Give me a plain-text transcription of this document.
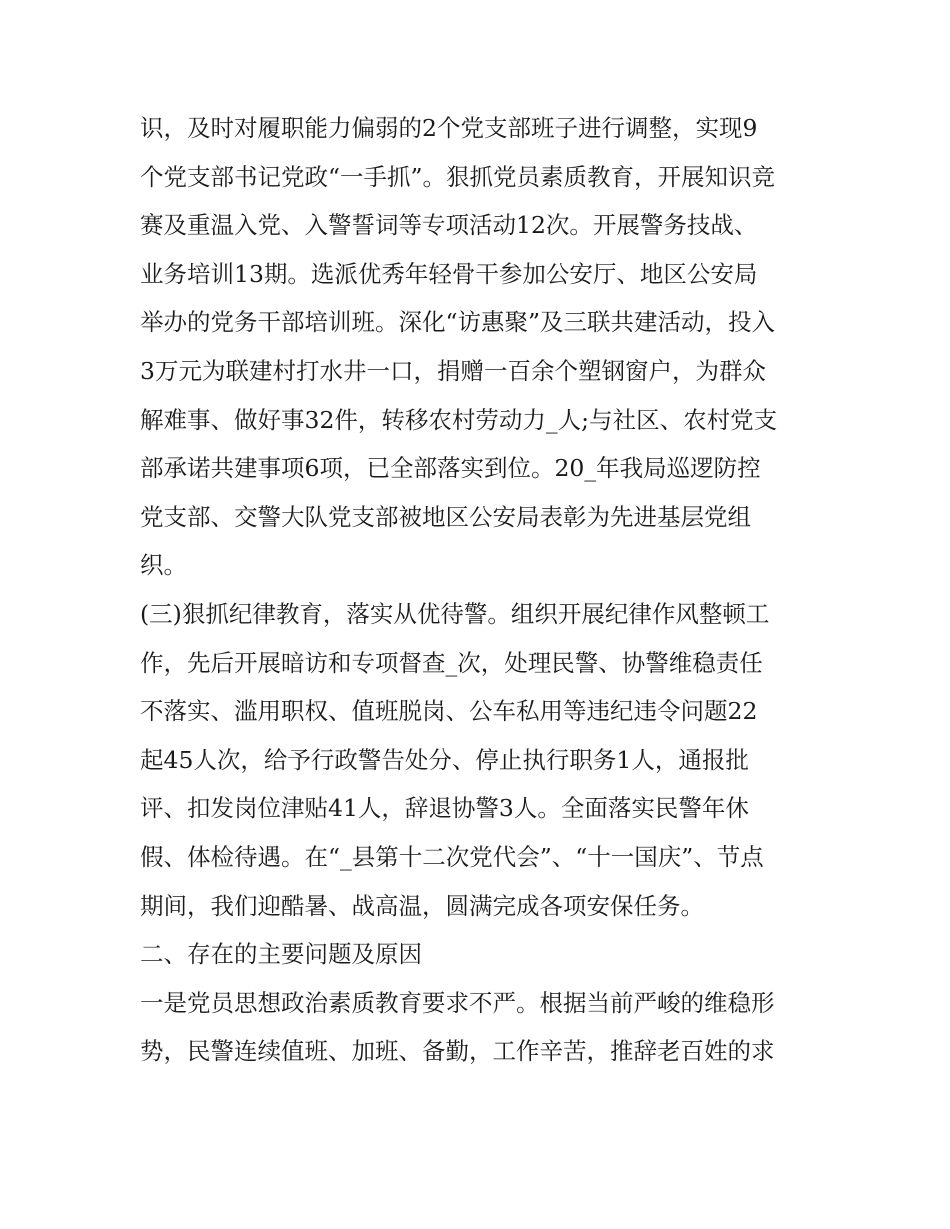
识，及时对履职能力偏弱的2个党支部班子进行调整，实现9
个党支部书记党政“一手抓”。狠抓党员素质教育，开展知识竞
赛及重温入党、入警誓词等专项活动12次。开展警务技战、
业务培训13期。选派优秀年轻骨干参加公安厅、地区公安局
举办的党务干部培训班。深化“访惠聚”及三联共建活动，投入
3万元为联建村打水井一口，捐赠一百余个塑钢窗户，为群众
解难事、做好事32件，转移农村劳动力_人;与社区、农村党支
部承诺共建事项6项，已全部落实到位。20_年我局巡逻防控
党支部、交警大队党支部被地区公安局表彰为先进基层党组
织。
(三)狠抓纪律教育，落实从优待警。组织开展纪律作风整顿工
作，先后开展暗访和专项督查_次，处理民警、协警维稳责任
不落实、滥用职权、值班脱岗、公车私用等违纪违令问题22
起45人次，给予行政警告处分、停止执行职务1人，通报批
评、扣发岗位津贴41人，辞退协警3人。全面落实民警年休
假、体检待遇。在“_县第十二次党代会”、“十一国庆”、节点
期间，我们迎酷暑、战高温，圆满完成各项安保任务。
二、存在的主要问题及原因
一是党员思想政治素质教育要求不严。根据当前严峻的维稳形
势，民警连续值班、加班、备勤，工作辛苦，推辞老百姓的求
